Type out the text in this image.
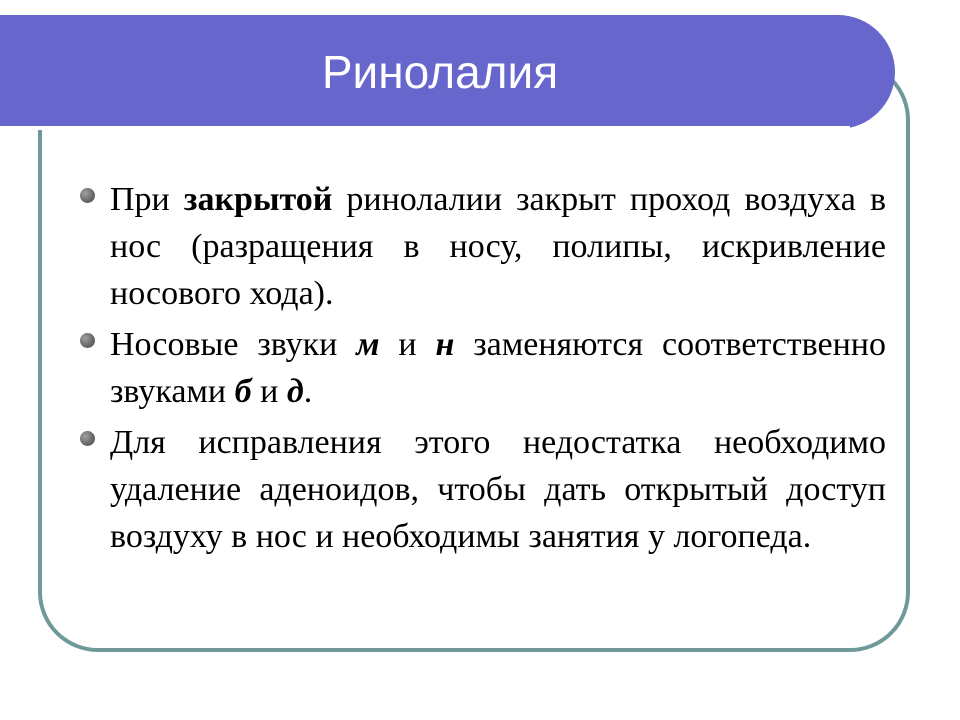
Ринолалия
При закрытой ринолалии закрыт проход воздуха в нос (разращения в носу, полипы, искривление носового хода).
Носовые звуки м и н заменяются соответственно звуками б и д.
Для исправления этого недостатка необходимо удаление аденоидов, чтобы дать открытый доступ воздуху в нос и необходимы занятия у логопеда.
